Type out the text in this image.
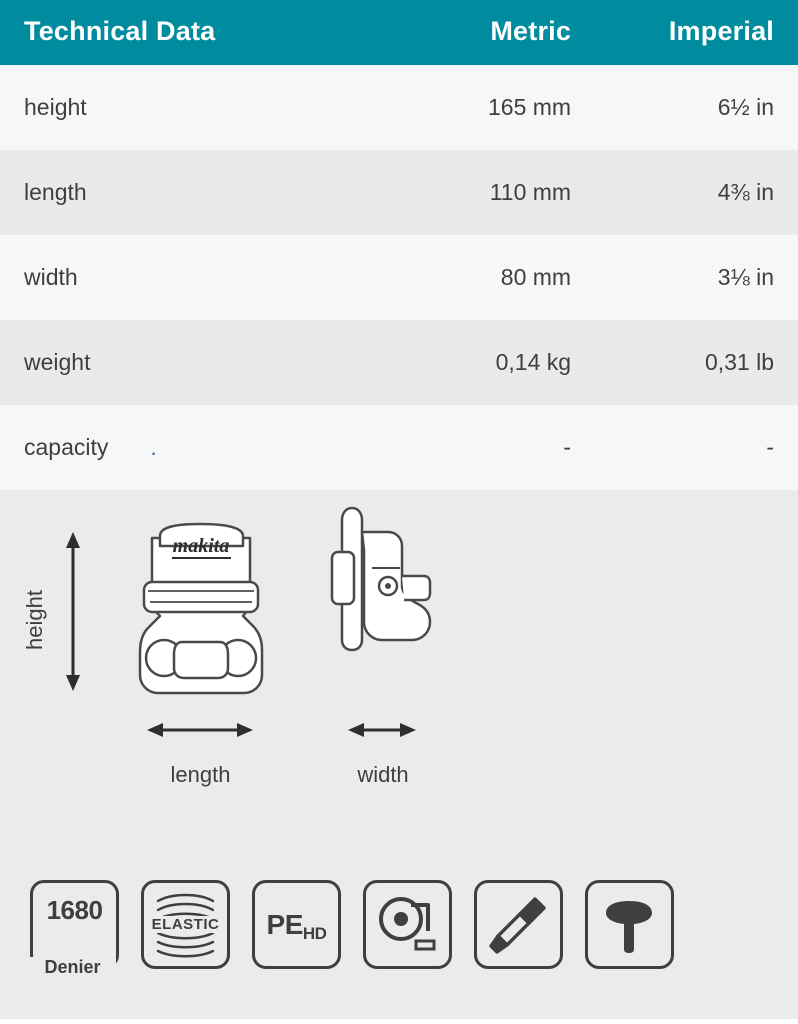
Technical Data	Metric	Imperial
height	165 mm	6½ in
length	110 mm	4⅜ in
width	80 mm	3⅛ in
weight	0,14 kg	0,31 lb
capacity .	-	-
makita
height
length	width
1680
Denier
ELASTIC $PE_{HD}$
